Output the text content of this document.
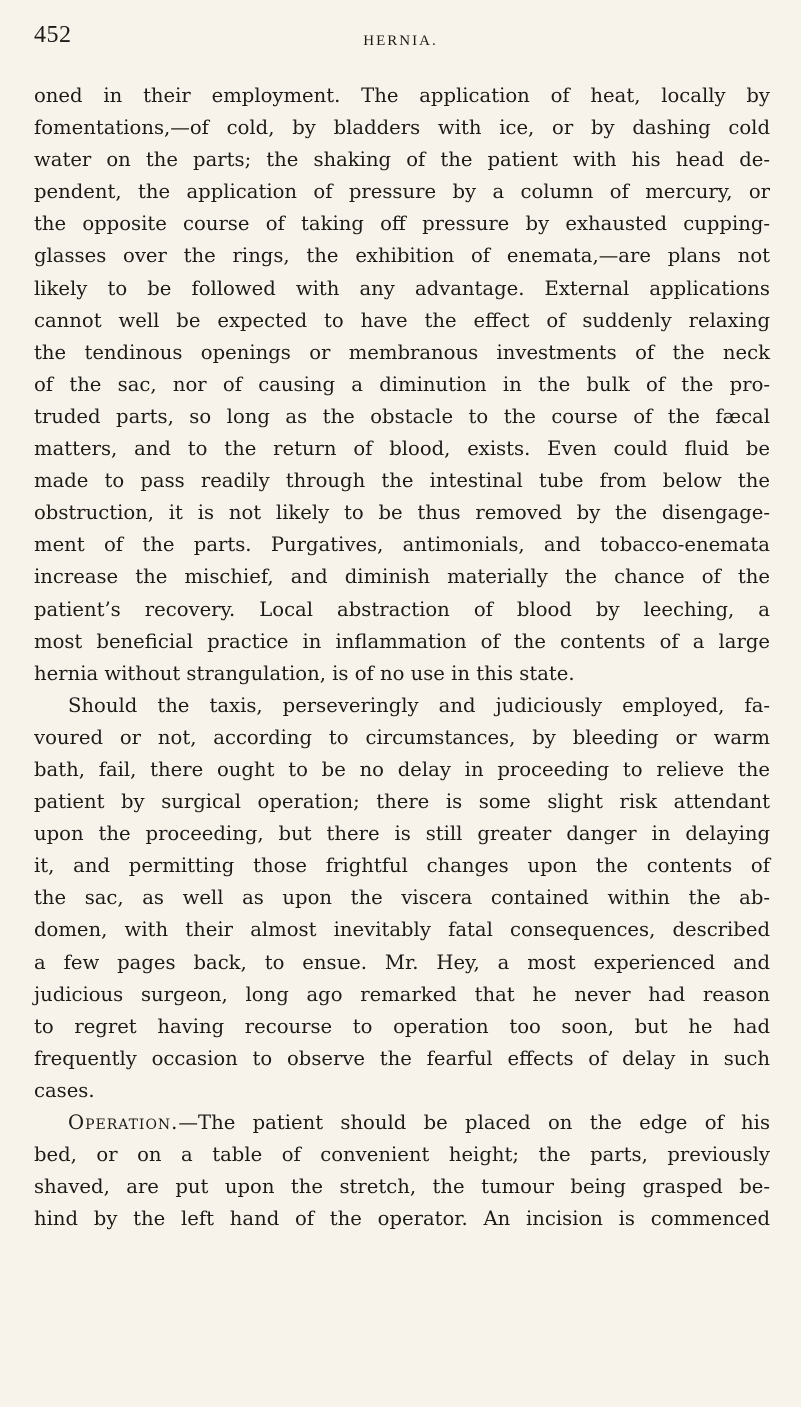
452	HERNIA.
oned in their employment. The application of heat, locally by
fomentations,—of cold, by bladders with ice, or by dashing cold
water on the parts; the shaking of the patient with his head de-
pendent, the application of pressure by a column of mercury, or
the opposite course of taking off pressure by exhausted cupping-
glasses over the rings, the exhibition of enemata,—are plans not
likely to be followed with any advantage. External applications
cannot well be expected to have the effect of suddenly relaxing
the tendinous openings or membranous investments of the neck
of the sac, nor of causing a diminution in the bulk of the pro-
truded parts, so long as the obstacle to the course of the fæcal
matters, and to the return of blood, exists. Even could fluid be
made to pass readily through the intestinal tube from below the
obstruction, it is not likely to be thus removed by the disengage-
ment of the parts. Purgatives, antimonials, and tobacco-enemata
increase the mischief, and diminish materially the chance of the
patient’s recovery. Local abstraction of blood by leeching, a
most beneficial practice in inflammation of the contents of a large
hernia without strangulation, is of no use in this state.
Should the taxis, perseveringly and judiciously employed, fa-
voured or not, according to circumstances, by bleeding or warm
bath, fail, there ought to be no delay in proceeding to relieve the
patient by surgical operation; there is some slight risk attendant
upon the proceeding, but there is still greater danger in delaying
it, and permitting those frightful changes upon the contents of
the sac, as well as upon the viscera contained within the ab-
domen, with their almost inevitably fatal consequences, described
a few pages back, to ensue. Mr. Hey, a most experienced and
judicious surgeon, long ago remarked that he never had reason
to regret having recourse to operation too soon, but he had
frequently occasion to observe the fearful effects of delay in such
cases.
Operation.—The patient should be placed on the edge of his
bed, or on a table of convenient height; the parts, previously
shaved, are put upon the stretch, the tumour being grasped be-
hind by the left hand of the operator. An incision is commenced
